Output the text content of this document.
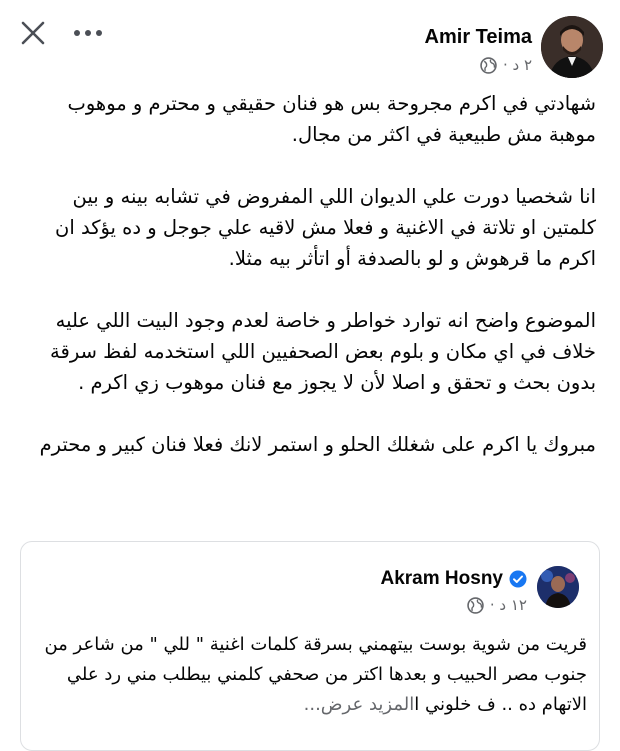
Amir Teima
٢ د ·

شهادتي في اكرم مجروحة بس هو فنان حقيقي و محترم و موهوب موهبة مش طبيعية في اكثر من مجال.

انا شخصيا دورت علي الديوان اللي المفروض في تشابه بينه و بين كلمتين او تلاتة في الاغنية و فعلا مش لاقيه علي جوجل و ده يؤكد ان اكرم ما قرهوش و لو بالصدفة أو اتأثر بيه مثلا.

الموضوع واضح انه توارد خواطر و خاصة لعدم وجود البيت اللي عليه خلاف في اي مكان و بلوم بعض الصحفيين اللي استخدمه لفظ سرقة بدون بحث و تحقق و اصلا لأن لا يجوز مع فنان موهوب زي اكرم .

مبروك يا اكرم على شغلك الحلو و استمر لانك فعلا فنان كبير و محترم

Akram Hosny
١٢ د ·
قريت من شوية بوست بيتهمني بسرقة كلمات اغنية " للي " من شاعر من جنوب مصر الحبيب و بعدها اكتر من صحفي كلمني بيطلب مني رد علي الاتهام ده .. ف خلوني االمزيد عرض...
